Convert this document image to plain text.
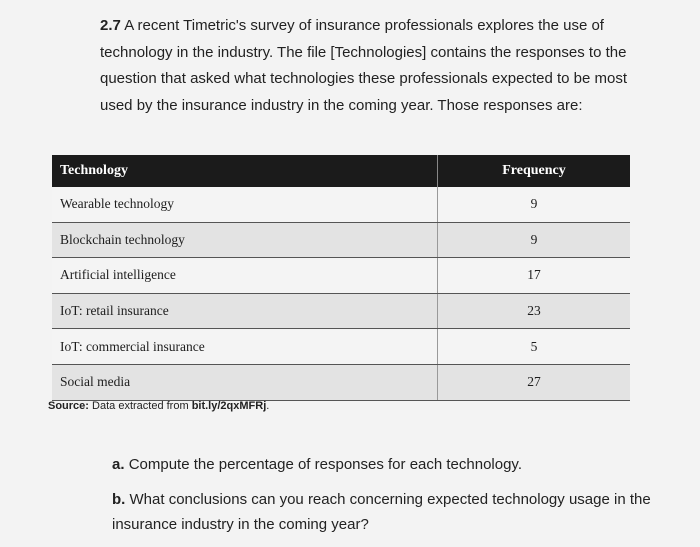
2.7 A recent Timetric's survey of insurance professionals explores the use of technology in the industry. The file [Technologies] contains the responses to the question that asked what technologies these professionals expected to be most used by the insurance industry in the coming year. Those responses are:
Technology	Frequency
Wearable technology	9
Blockchain technology	9
Artificial intelligence	17
IoT: retail insurance	23
IoT: commercial insurance	5
Social media	27
Source: Data extracted from bit.ly/2qxMFRj.
a. Compute the percentage of responses for each technology.
b. What conclusions can you reach concerning expected technology usage in the insurance industry in the coming year?
